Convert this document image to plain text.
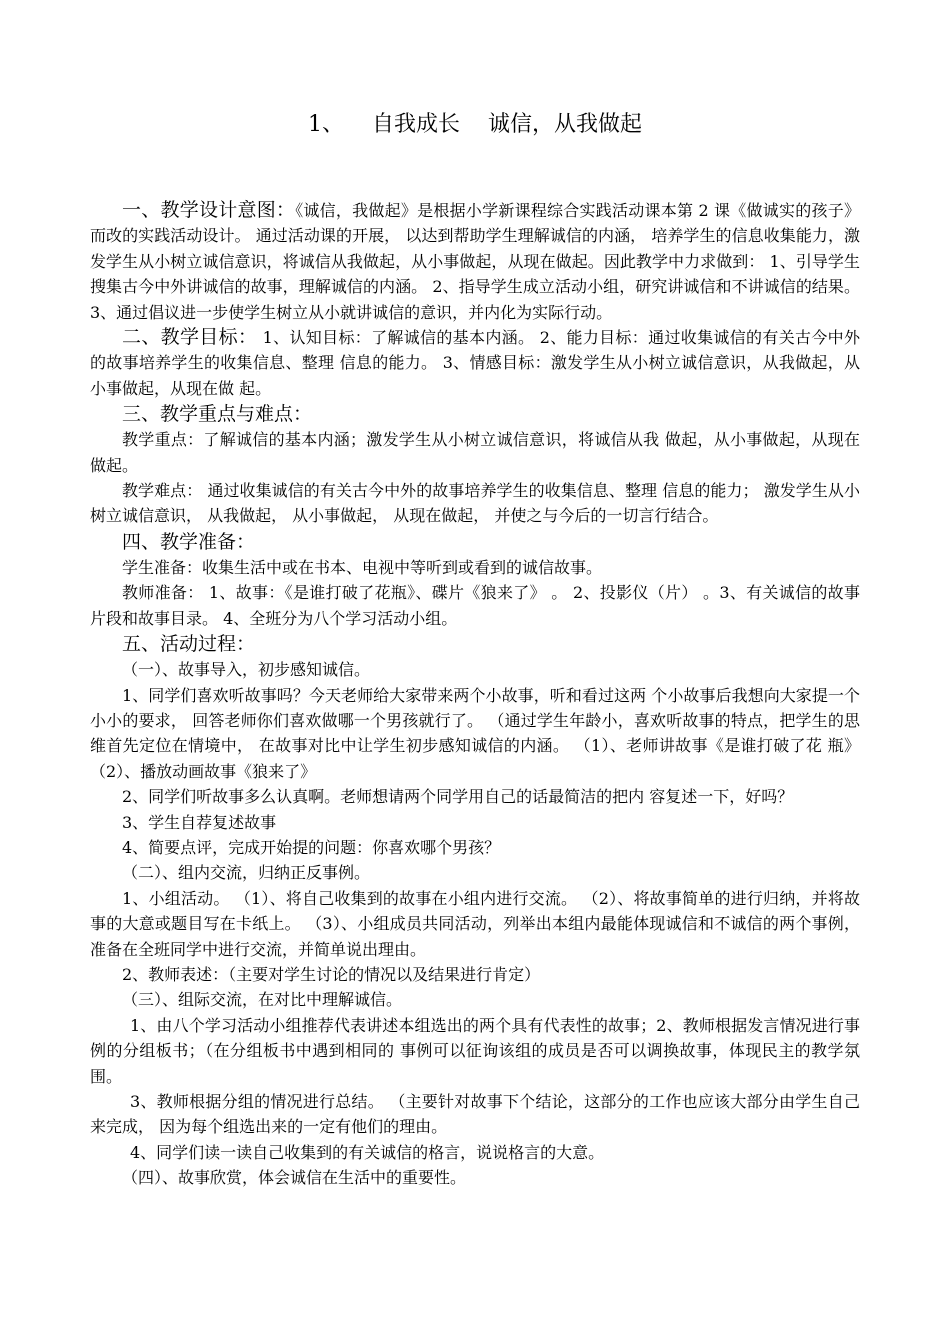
1、    自我成长    诚信，从我做起

一、教学设计意图：《诚信，我做起》是根据小学新课程综合实践活动课本第 2 课《做诚实的孩子》 而改的实践活动设计。 通过活动课的开展， 以达到帮助学生理解诚信的内涵， 培养学生的信息收集能力，激发学生从小树立诚信意识，将诚信从我做起，从小事做起，从现在做起。因此教学中力求做到： 1、引导学生搜集古今中外讲诚信的故事，理解诚信的内涵。 2、指导学生成立活动小组，研究讲诚信和不讲诚信的结果。 3、通过倡议进一步使学生树立从小就讲诚信的意识，并内化为实际行动。

二、教学目标： 1、认知目标：了解诚信的基本内涵。 2、能力目标：通过收集诚信的有关古今中外的故事培养学生的收集信息、整理 信息的能力。 3、情感目标：激发学生从小树立诚信意识，从我做起，从小事做起，从现在做 起。

三、教学重点与难点：

教学重点：了解诚信的基本内涵；激发学生从小树立诚信意识，将诚信从我 做起，从小事做起，从现在做起。

教学难点： 通过收集诚信的有关古今中外的故事培养学生的收集信息、整理 信息的能力； 激发学生从小树立诚信意识， 从我做起， 从小事做起， 从现在做起， 并使之与今后的一切言行结合。

四、教学准备：

学生准备：收集生活中或在书本、电视中等听到或看到的诚信故事。

教师准备： 1、故事：《是谁打破了花瓶》、碟片《狼来了》 。 2、投影仪（片） 。3、有关诚信的故事片段和故事目录。 4、全班分为八个学习活动小组。

五、活动过程：

（一）、故事导入，初步感知诚信。

1、同学们喜欢听故事吗？今天老师给大家带来两个小故事，听和看过这两 个小故事后我想向大家提一个小小的要求， 回答老师你们喜欢做哪一个男孩就行了。 （通过学生年龄小，喜欢听故事的特点，把学生的思维首先定位在情境中， 在故事对比中让学生初步感知诚信的内涵。 （1）、老师讲故事《是谁打破了花 瓶》 （2）、播放动画故事《狼来了》

2、同学们听故事多么认真啊。老师想请两个同学用自己的话最简洁的把内 容复述一下，好吗？

3、学生自荐复述故事

4、简要点评，完成开始提的问题：你喜欢哪个男孩？

（二）、组内交流，归纳正反事例。

1、小组活动。 （1）、将自己收集到的故事在小组内进行交流。 （2）、将故事简单的进行归纳，并将故事的大意或题目写在卡纸上。 （3）、小组成员共同活动，列举出本组内最能体现诚信和不诚信的两个事例，准备在全班同学中进行交流，并简单说出理由。

2、教师表述：（主要对学生讨论的情况以及结果进行肯定）

（三）、组际交流，在对比中理解诚信。

1、由八个学习活动小组推荐代表讲述本组选出的两个具有代表性的故事；2、教师根据发言情况进行事例的分组板书；（在分组板书中遇到相同的 事例可以征询该组的成员是否可以调换故事，体现民主的教学氛围。

3、教师根据分组的情况进行总结。 （主要针对故事下个结论，这部分的工作也应该大部分由学生自己来完成， 因为每个组选出来的一定有他们的理由。

4、同学们读一读自己收集到的有关诚信的格言，说说格言的大意。

（四）、故事欣赏，体会诚信在生活中的重要性。
